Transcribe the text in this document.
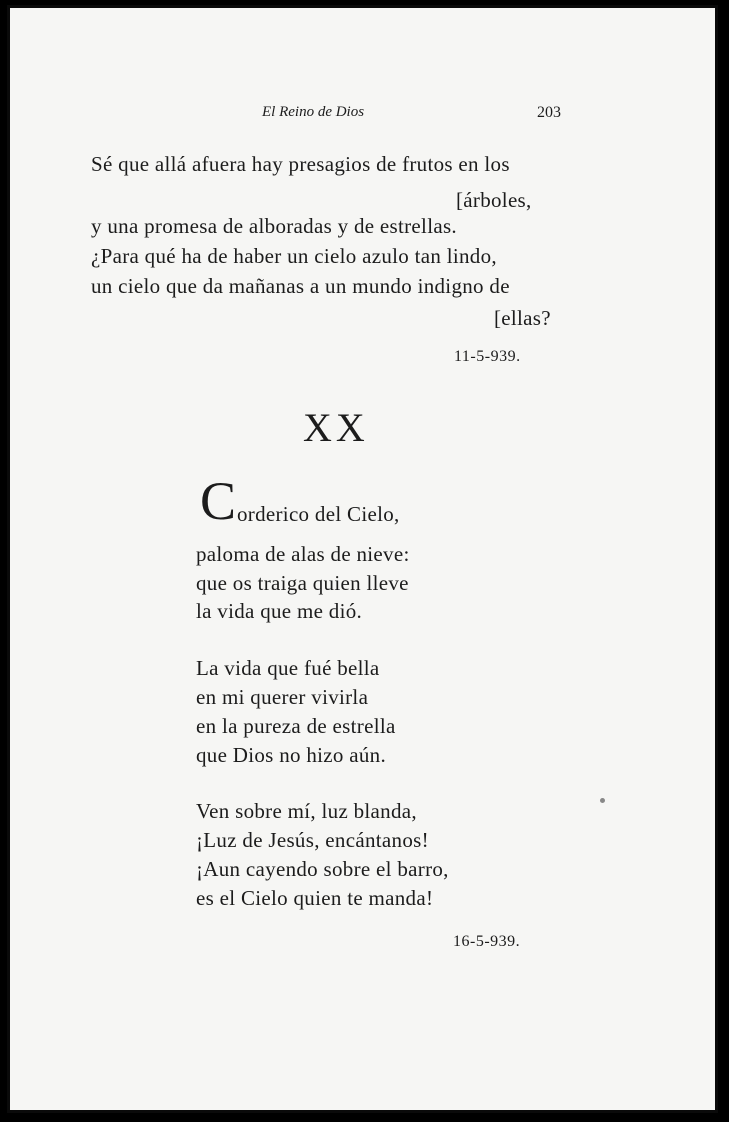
El Reino de Dios	203
Sé que allá afuera hay presagios de frutos en los
[árboles,
y una promesa de alboradas y de estrellas.
¿Para qué ha de haber un cielo azulo tan lindo,
un cielo que da mañanas a un mundo indigno de
[ellas?
11-5-939.
XX
C orderico del Cielo,
paloma de alas de nieve:
que os traiga quien lleve
la vida que me dió.
La vida que fué bella
en mi querer vivirla
en la pureza de estrella
que Dios no hizo aún.
Ven sobre mí, luz blanda,
¡Luz de Jesús, encántanos!
¡Aun cayendo sobre el barro,
es el Cielo quien te manda!
16-5-939.
